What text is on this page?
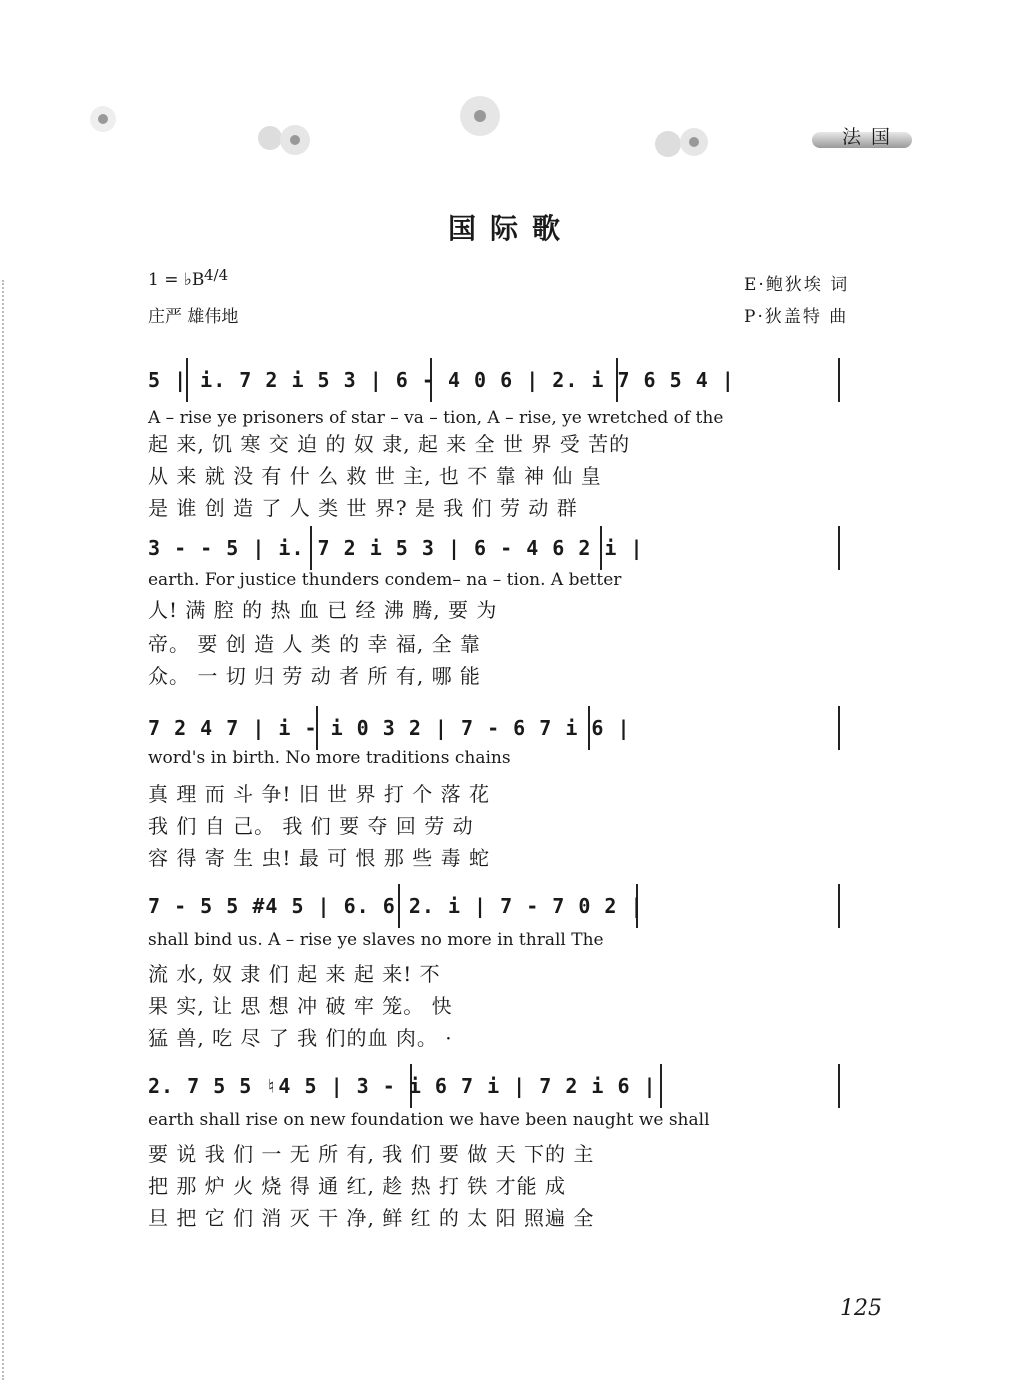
法国
国际歌
1 = ♭B 4/4
庄严 雄伟地
E·鲍狄埃 词
P·狄盖特 曲
5 | i. 7 2 i 5 3 | 6 - 4 0 6 | 2. i 7 6 5 4 |
A – rise ye prisoners of star – va – tion, A – rise, ye wretched of the
起 来, 饥 寒 交 迫 的 奴 隶, 起 来 全 世 界 受 苦的
从 来 就 没 有 什 么 救 世 主, 也 不 靠 神 仙 皇
是 谁 创 造 了 人 类 世 界? 是 我 们 劳 动 群
3 - - 5 | i. 7 2 i 5 3 | 6 - 4 6 2 i |
earth. For justice thunders condem– na – tion. A better
人! 满 腔 的 热 血 已 经 沸 腾, 要 为
帝。 要 创 造 人 类 的 幸 福, 全 靠
众。 一 切 归 劳 动 者 所 有, 哪 能
7 2 4 7 | i - i 0 3 2 | 7 - 6 7 i 6 |
word's in birth. No more traditions chains
真 理 而 斗 争! 旧 世 界 打 个 落 花
我 们 自 己。 我 们 要 夺 回 劳 动
容 得 寄 生 虫! 最 可 恨 那 些 毒 蛇
7 - 5 5 #4 5 | 6. 6 2. i | 7 - 7 0 2 |
shall bind us. A – rise ye slaves no more in thrall The
流 水, 奴 隶 们 起 来 起 来! 不
果 实, 让 思 想 冲 破 牢 笼。 快
猛 兽, 吃 尽 了 我 们的血 肉。 ·
2. 7 5 5 ♮4 5 | 3 - i 6 7 i | 7 2 i 6 |
earth shall rise on new foundation we have been naught we shall
要 说 我 们 一 无 所 有, 我 们 要 做 天 下的 主
把 那 炉 火 烧 得 通 红, 趁 热 打 铁 才能 成
旦 把 它 们 消 灭 干 净, 鲜 红 的 太 阳 照遍 全
125
